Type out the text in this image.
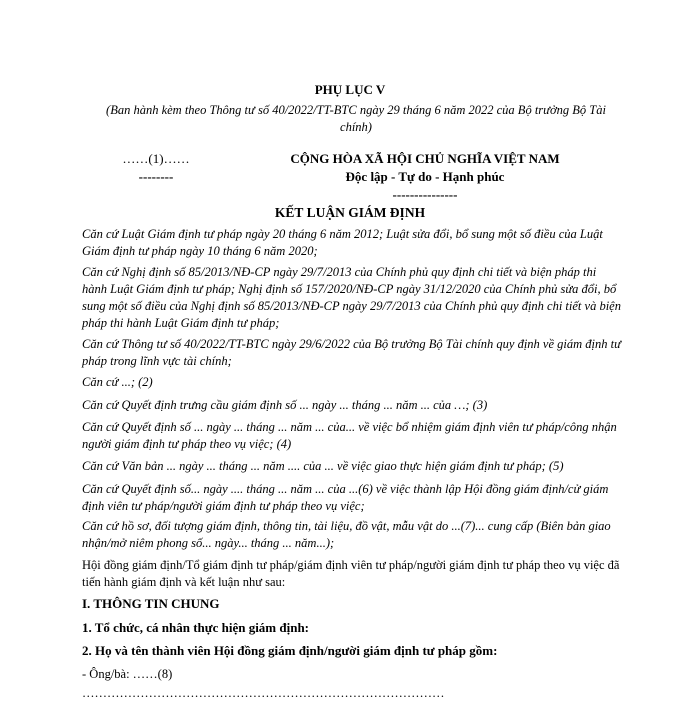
PHỤ LỤC V
(Ban hành kèm theo Thông tư số 40/2022/TT-BTC ngày 29 tháng 6 năm 2022 của Bộ trưởng Bộ Tài chính)
……(1)……
--------
CỘNG HÒA XÃ HỘI CHỦ NGHĨA VIỆT NAM
Độc lập - Tự do - Hạnh phúc
---------------
KẾT LUẬN GIÁM ĐỊNH
Căn cứ Luật Giám định tư pháp ngày 20 tháng 6 năm 2012; Luật sửa đổi, bổ sung một số điều của Luật Giám định tư pháp ngày 10 tháng 6 năm 2020;
Căn cứ Nghị định số 85/2013/NĐ-CP ngày 29/7/2013 của Chính phủ quy định chi tiết và biện pháp thi hành Luật Giám định tư pháp; Nghị định số 157/2020/NĐ-CP ngày 31/12/2020 của Chính phủ sửa đổi, bổ sung một số điều của Nghị định số 85/2013/NĐ-CP ngày 29/7/2013 của Chính phủ quy định chi tiết và biện pháp thi hành Luật Giám định tư pháp;
Căn cứ Thông tư số 40/2022/TT-BTC ngày 29/6/2022 của Bộ trưởng Bộ Tài chính quy định về giám định tư pháp trong lĩnh vực tài chính;
Căn cứ ...; (2)
Căn cứ Quyết định trưng cầu giám định số ... ngày ... tháng ... năm ... của …; (3)
Căn cứ Quyết định số ... ngày ... tháng ... năm ... của... về việc bổ nhiệm giám định viên tư pháp/công nhận người giám định tư pháp theo vụ việc; (4)
Căn cứ Văn bản ... ngày ... tháng ... năm .... của ... về việc giao thực hiện giám định tư pháp; (5)
Căn cứ Quyết định số... ngày .... tháng ... năm ... của ...(6) về việc thành lập Hội đồng giám định/cử giám định viên tư pháp/người giám định tư pháp theo vụ việc;
Căn cứ hồ sơ, đối tượng giám định, thông tin, tài liệu, đồ vật, mẫu vật do ...(7)... cung cấp (Biên bản giao nhận/mở niêm phong số... ngày... tháng ... năm...);
Hội đồng giám định/Tổ giám định tư pháp/giám định viên tư pháp/người giám định tư pháp theo vụ việc đã tiến hành giám định và kết luận như sau:
I. THÔNG TIN CHUNG
1. Tổ chức, cá nhân thực hiện giám định:
2. Họ và tên thành viên Hội đồng giám định/người giám định tư pháp gồm:
- Ông/bà: ……(8)
……………………………………………………………………………
